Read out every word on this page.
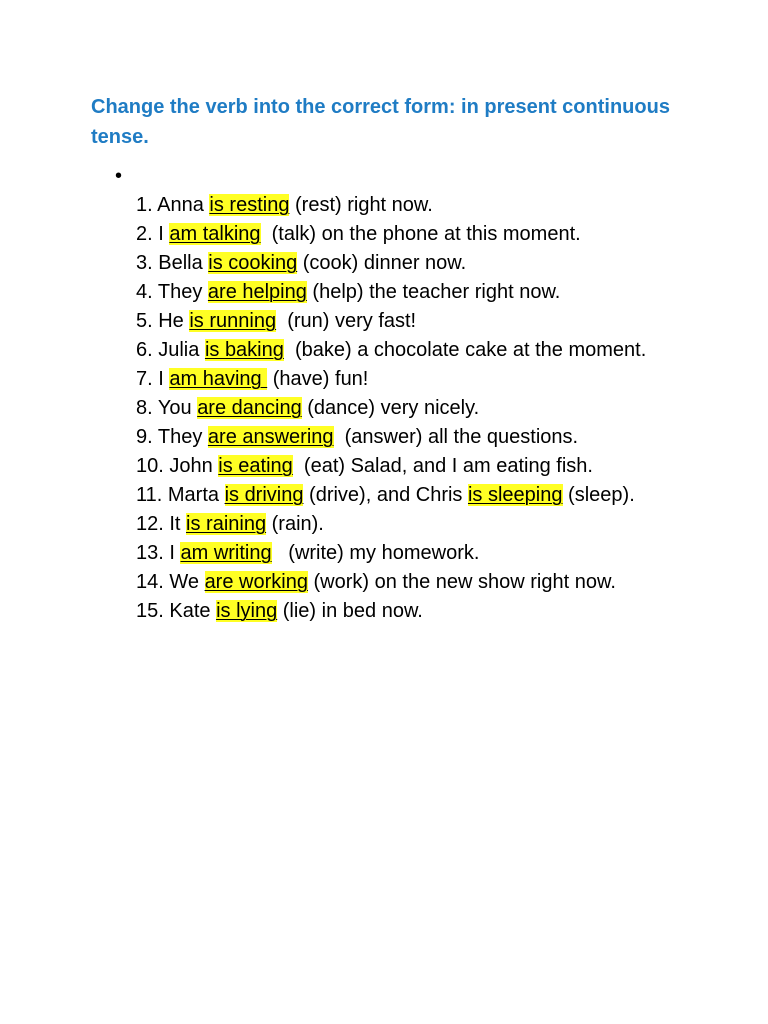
Change the verb into the correct form: in present continuous tense.
•
1. Anna is resting (rest) right now.
2. I am talking  (talk) on the phone at this moment.
3. Bella is cooking (cook) dinner now.
4. They are helping (help) the teacher right now.
5. He is running  (run) very fast!
6. Julia is baking  (bake) a chocolate cake at the moment.
7. I am having  (have) fun!
8. You are dancing (dance) very nicely.
9. They are answering  (answer) all the questions.
10. John is eating  (eat) Salad, and I am eating fish.
11. Marta is driving (drive), and Chris is sleeping (sleep).
12. It is raining (rain).
13. I am writing   (write) my homework.
14. We are working (work) on the new show right now.
15. Kate is lying (lie) in bed now.
